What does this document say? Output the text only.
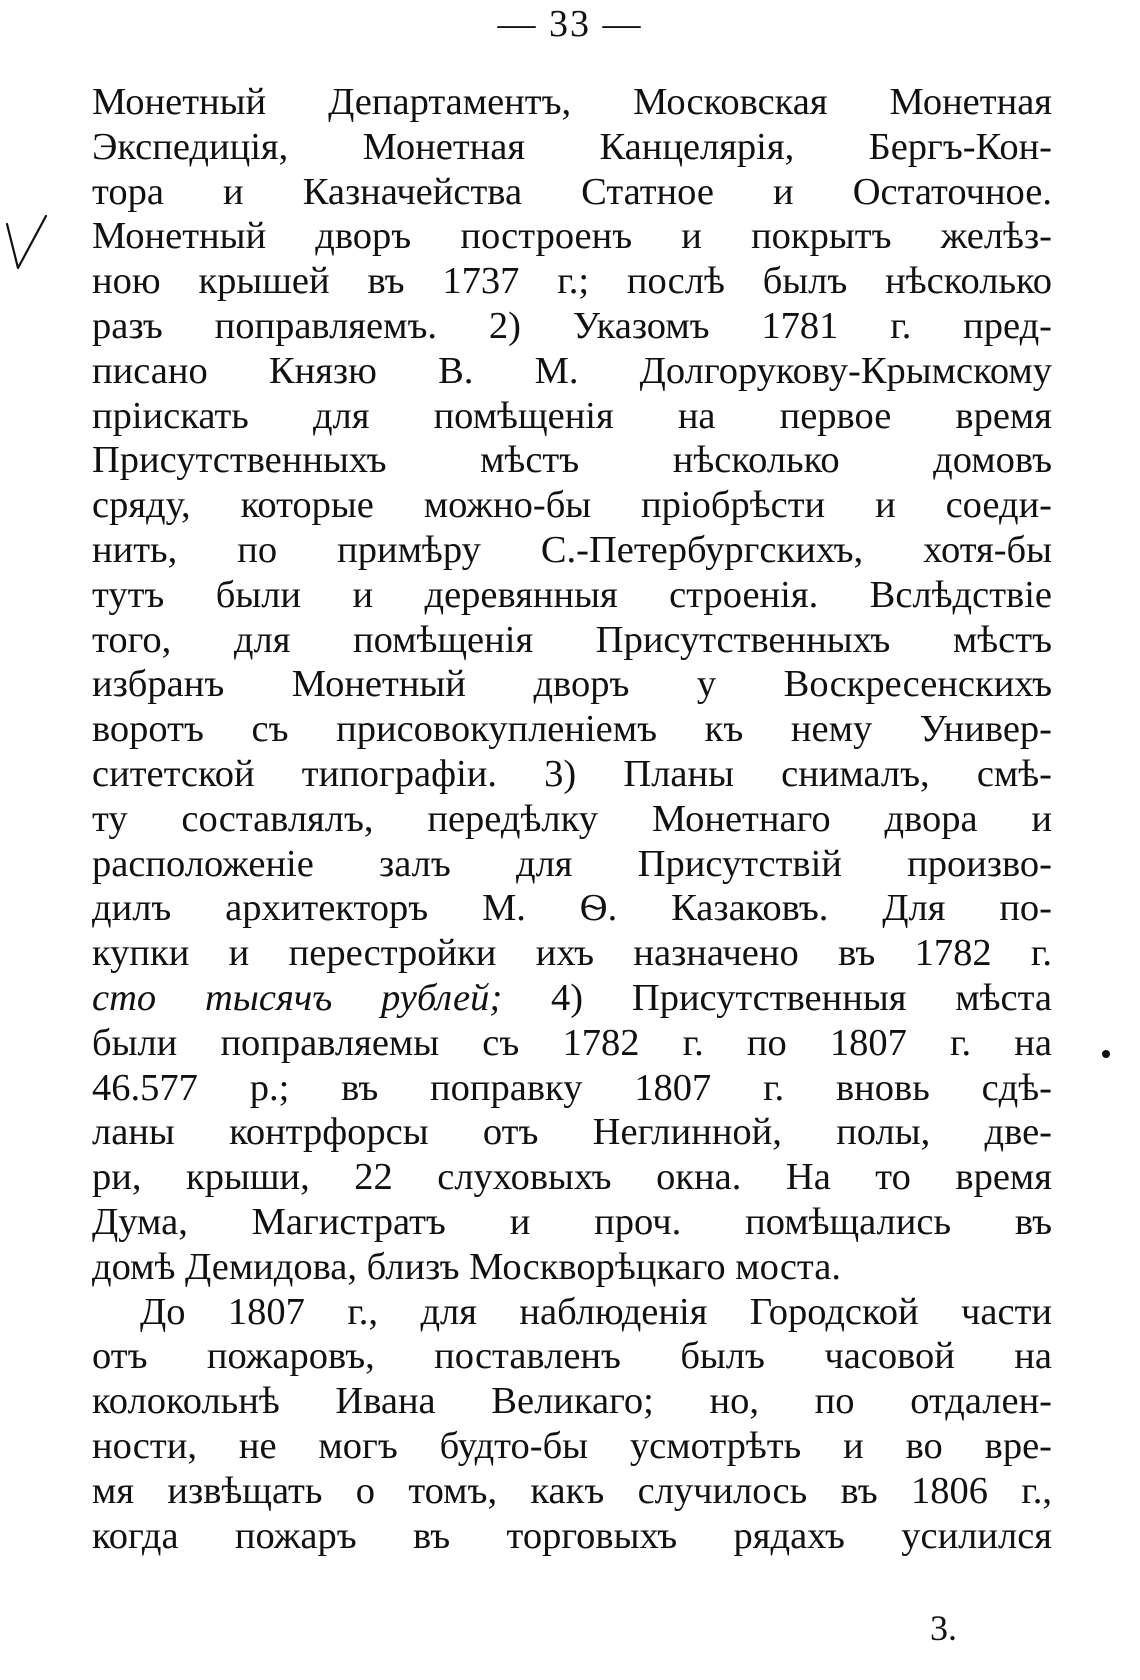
— 33 —
Монетный Департаментъ, Московская Монетная
Экспедиція, Монетная Канцелярія, Бергъ-Кон-
тора и Казначейства Статное и Остаточное.
Монетный дворъ построенъ и покрытъ желѣз-
ною крышей въ 1737 г.; послѣ былъ нѣсколько
разъ поправляемъ. 2) Указомъ 1781 г. пред-
писано Князю В. М. Долгорукову-Крымскому
пріискать для помѣщенія на первое время
Присутственныхъ мѣстъ нѣсколько домовъ
сряду, которые можно-бы пріобрѣсти и соеди-
нить, по примѣру С.-Петербургскихъ, хотя-бы
тутъ были и деревянныя строенія. Вслѣдствіе
того, для помѣщенія Присутственныхъ мѣстъ
избранъ Монетный дворъ у Воскресенскихъ
воротъ съ присовокупленіемъ къ нему Универ-
ситетской типографіи. 3) Планы снималъ, смѣ-
ту составлялъ, передѣлку Монетнаго двора и
расположеніе залъ для Присутствій произво-
дилъ архитекторъ М. Ѳ. Казаковъ. Для по-
купки и перестройки ихъ назначено въ 1782 г.
сто тысячъ рублей; 4) Присутственныя мѣста
были поправляемы съ 1782 г. по 1807 г. на
46.577 р.; въ поправку 1807 г. вновь сдѣ-
ланы контрфорсы отъ Неглинной, полы, две-
ри, крыши, 22 слуховыхъ окна. На то время
Дума, Магистратъ и проч. помѣщались въ
домѣ Демидова, близъ Москворѣцкаго моста.
До 1807 г., для наблюденія Городской части
отъ пожаровъ, поставленъ былъ часовой на
колокольнѣ Ивана Великаго; но, по отдален-
ности, не могъ будто-бы усмотрѣть и во вре-
мя извѣщать о томъ, какъ случилось въ 1806 г.,
когда пожаръ въ торговыхъ рядахъ усилился
3.
